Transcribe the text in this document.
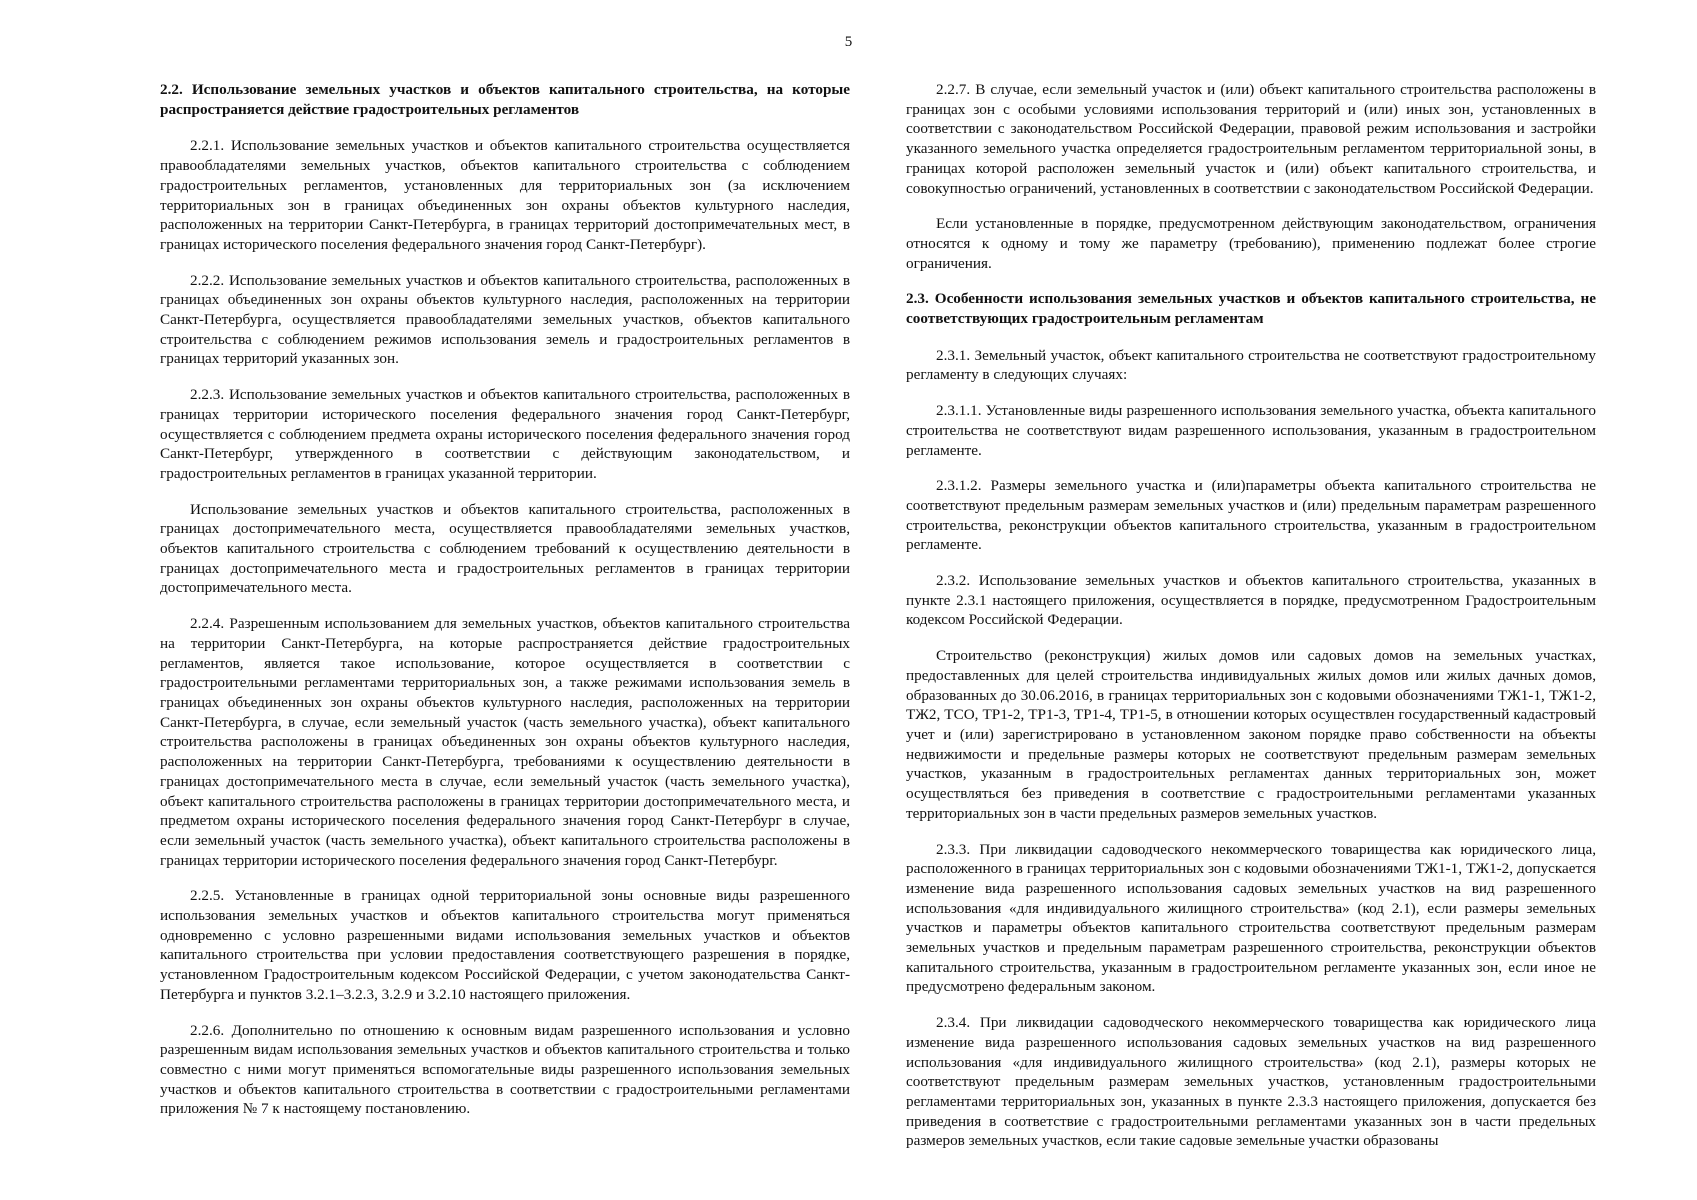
5
2.2. Использование земельных участков и объектов капитального строительства, на которые распространяется действие градостроительных регламентов

2.2.1. Использование земельных участков и объектов капитального строительства осуществляется правообладателями земельных участков, объектов капитального строительства с соблюдением градостроительных регламентов, установленных для территориальных зон (за исключением территориальных зон в границах объединенных зон охраны объектов культурного наследия, расположенных на территории Санкт-Петербурга, в границах территорий достопримечательных мест, в границах исторического поселения федерального значения город Санкт-Петербург).

2.2.2. Использование земельных участков и объектов капитального строительства, расположенных в границах объединенных зон охраны объектов культурного наследия, расположенных на территории Санкт-Петербурга, осуществляется правообладателями земельных участков, объектов капитального строительства с соблюдением режимов использования земель и градостроительных регламентов в границах территорий указанных зон.

2.2.3. Использование земельных участков и объектов капитального строительства, расположенных в границах территории исторического поселения федерального значения город Санкт-Петербург, осуществляется с соблюдением предмета охраны исторического поселения федерального значения город Санкт-Петербург, утвержденного в соответствии с действующим законодательством, и градостроительных регламентов в границах указанной территории.

Использование земельных участков и объектов капитального строительства, расположенных в границах достопримечательного места, осуществляется правообладателями земельных участков, объектов капитального строительства с соблюдением требований к осуществлению деятельности в границах достопримечательного места и градостроительных регламентов в границах территории достопримечательного места.

2.2.4. Разрешенным использованием для земельных участков, объектов капитального строительства на территории Санкт-Петербурга, на которые распространяется действие градостроительных регламентов, является такое использование, которое осуществляется в соответствии с градостроительными регламентами территориальных зон, а также режимами использования земель в границах объединенных зон охраны объектов культурного наследия, расположенных на территории Санкт-Петербурга, в случае, если земельный участок (часть земельного участка), объект капитального строительства расположены в границах объединенных зон охраны объектов культурного наследия, расположенных на территории Санкт-Петербурга, требованиями к осуществлению деятельности в границах достопримечательного места в случае, если земельный участок (часть земельного участка), объект капитального строительства расположены в границах территории достопримечательного места, и предметом охраны исторического поселения федерального значения город Санкт-Петербург в случае, если земельный участок (часть земельного участка), объект капитального строительства расположены в границах территории исторического поселения федерального значения город Санкт-Петербург.

2.2.5. Установленные в границах одной территориальной зоны основные виды разрешенного использования земельных участков и объектов капитального строительства могут применяться одновременно с условно разрешенными видами использования земельных участков и объектов капитального строительства при условии предоставления соответствующего разрешения в порядке, установленном Градостроительным кодексом Российской Федерации, с учетом законодательства Санкт-Петербурга и пунктов 3.2.1–3.2.3, 3.2.9 и 3.2.10 настоящего приложения.

2.2.6. Дополнительно по отношению к основным видам разрешенного использования и условно разрешенным видам использования земельных участков и объектов капитального строительства и только совместно с ними могут применяться вспомогательные виды разрешенного использования земельных участков и объектов капитального строительства в соответствии с градостроительными регламентами приложения № 7 к настоящему постановлению.

2.2.7. В случае, если земельный участок и (или) объект капитального строительства расположены в границах зон с особыми условиями использования территорий и (или) иных зон, установленных в соответствии с законодательством Российской Федерации, правовой режим использования и застройки указанного земельного участка определяется градостроительным регламентом территориальной зоны, в границах которой расположен земельный участок и (или) объект капитального строительства, и совокупностью ограничений, установленных в соответствии с законодательством Российской Федерации.

Если установленные в порядке, предусмотренном действующим законодательством, ограничения относятся к одному и тому же параметру (требованию), применению подлежат более строгие ограничения.

2.3. Особенности использования земельных участков и объектов капитального строительства, не соответствующих градостроительным регламентам

2.3.1. Земельный участок, объект капитального строительства не соответствуют градостроительному регламенту в следующих случаях:

2.3.1.1. Установленные виды разрешенного использования земельного участка, объекта капитального строительства не соответствуют видам разрешенного использования, указанным в градостроительном регламенте.

2.3.1.2. Размеры земельного участка и (или)параметры объекта капитального строительства не соответствуют предельным размерам земельных участков и (или) предельным параметрам разрешенного строительства, реконструкции объектов капитального строительства, указанным в градостроительном регламенте.

2.3.2. Использование земельных участков и объектов капитального строительства, указанных в пункте 2.3.1 настоящего приложения, осуществляется в порядке, предусмотренном Градостроительным кодексом Российской Федерации.

Строительство (реконструкция) жилых домов или садовых домов на земельных участках, предоставленных для целей строительства индивидуальных жилых домов или жилых дачных домов, образованных до 30.06.2016, в границах территориальных зон с кодовыми обозначениями ТЖ1-1, ТЖ1-2, ТЖ2, ТСО, ТР1-2, ТР1-3, ТР1-4, ТР1-5, в отношении которых осуществлен государственный кадастровый учет и (или) зарегистрировано в установленном законом порядке право собственности на объекты недвижимости и предельные размеры которых не соответствуют предельным размерам земельных участков, указанным в градостроительных регламентах данных территориальных зон, может осуществляться без приведения в соответствие с градостроительными регламентами указанных территориальных зон в части предельных размеров земельных участков.

2.3.3. При ликвидации садоводческого некоммерческого товарищества как юридического лица, расположенного в границах территориальных зон с кодовыми обозначениями ТЖ1-1, ТЖ1-2, допускается изменение вида разрешенного использования садовых земельных участков на вид разрешенного использования «для индивидуального жилищного строительства» (код 2.1), если размеры земельных участков и параметры объектов капитального строительства соответствуют предельным размерам земельных участков и предельным параметрам разрешенного строительства, реконструкции объектов капитального строительства, указанным в градостроительном регламенте указанных зон, если иное не предусмотрено федеральным законом.

2.3.4. При ликвидации садоводческого некоммерческого товарищества как юридического лица изменение вида разрешенного использования садовых земельных участков на вид разрешенного использования «для индивидуального жилищного строительства» (код 2.1), размеры которых не соответствуют предельным размерам земельных участков, установленным градостроительными регламентами территориальных зон, указанных в пункте 2.3.3 настоящего приложения, допускается без приведения в соответствие с градостроительными регламентами указанных зон в части предельных размеров земельных участков, если такие садовые земельные участки образованы
